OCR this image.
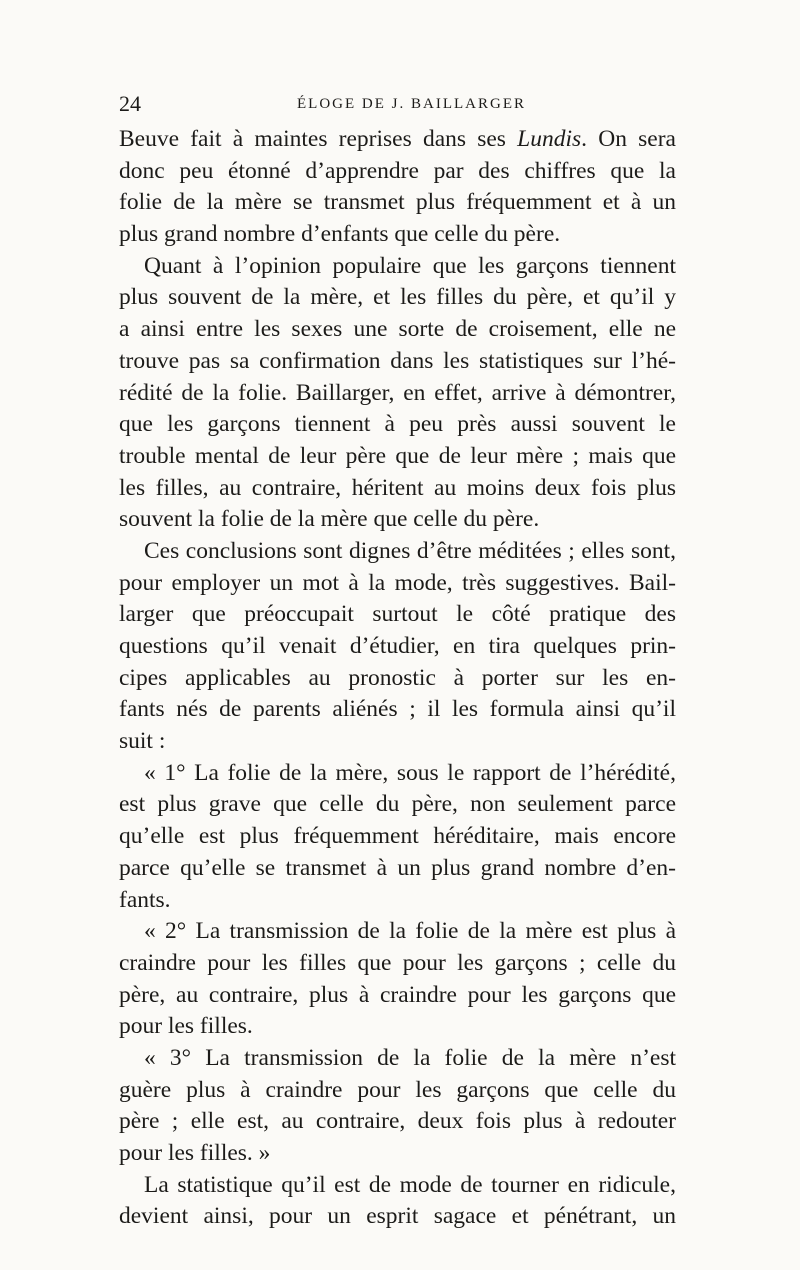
24	ÉLOGE DE J. BAILLARGER
Beuve fait à maintes reprises dans ses Lundis. On sera
donc peu étonné d’apprendre par des chiffres que la
folie de la mère se transmet plus fréquemment et à un
plus grand nombre d’enfants que celle du père.
Quant à l’opinion populaire que les garçons tiennent
plus souvent de la mère, et les filles du père, et qu’il y
a ainsi entre les sexes une sorte de croisement, elle ne
trouve pas sa confirmation dans les statistiques sur l’hé-
rédité de la folie. Baillarger, en effet, arrive à démontrer,
que les garçons tiennent à peu près aussi souvent le
trouble mental de leur père que de leur mère ; mais que
les filles, au contraire, héritent au moins deux fois plus
souvent la folie de la mère que celle du père.
Ces conclusions sont dignes d’être méditées ; elles sont,
pour employer un mot à la mode, très suggestives. Bail-
larger que préoccupait surtout le côté pratique des
questions qu’il venait d’étudier, en tira quelques prin-
cipes applicables au pronostic à porter sur les en-
fants nés de parents aliénés ; il les formula ainsi qu’il
suit :
« 1° La folie de la mère, sous le rapport de l’hérédité,
est plus grave que celle du père, non seulement parce
qu’elle est plus fréquemment héréditaire, mais encore
parce qu’elle se transmet à un plus grand nombre d’en-
fants.
« 2° La transmission de la folie de la mère est plus à
craindre pour les filles que pour les garçons ; celle du
père, au contraire, plus à craindre pour les garçons que
pour les filles.
« 3° La transmission de la folie de la mère n’est
guère plus à craindre pour les garçons que celle du
père ; elle est, au contraire, deux fois plus à redouter
pour les filles. »
La statistique qu’il est de mode de tourner en ridicule,
devient ainsi, pour un esprit sagace et pénétrant, un
